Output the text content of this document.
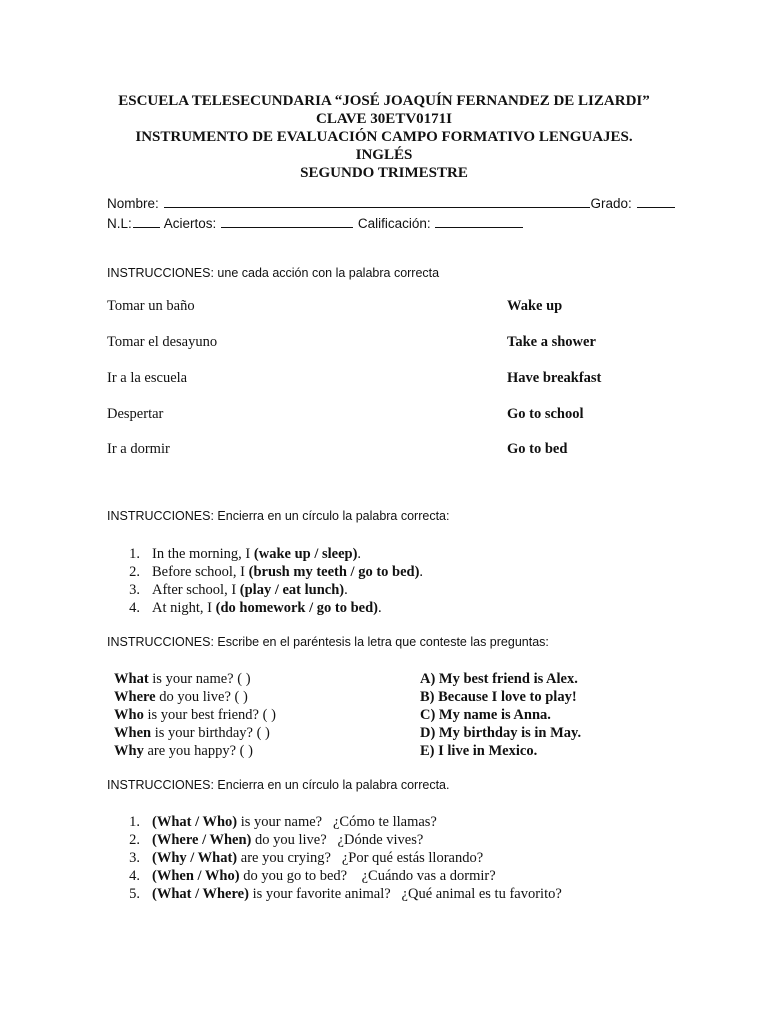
ESCUELA TELESECUNDARIA “JOSÉ JOAQUÍN FERNANDEZ DE LIZARDI”
CLAVE 30ETV0171I
INSTRUMENTO DE EVALUACIÓN CAMPO FORMATIVO LENGUAJES.
INGLÉS
SEGUNDO TRIMESTRE
Nombre:	Grado:
N.L: Aciertos:	Calificación:
INSTRUCCIONES: une cada acción con la palabra correcta
Tomar un baño
Tomar el desayuno
Ir a la escuela
Despertar
Ir a dormir
Wake up
Take a shower
Have breakfast
Go to school
Go to bed
INSTRUCCIONES: Encierra en un círculo la palabra correcta:
1. In the morning, I (wake up / sleep).
2. Before school, I (brush my teeth / go to bed).
3. After school, I (play / eat lunch).
4. At night, I (do homework / go to bed).
INSTRUCCIONES: Escribe en el paréntesis la letra que conteste las preguntas:
What is your name? ( )
Where do you live? ( )
Who is your best friend? ( )
When is your birthday? ( )
Why are you happy? ( )
A) My best friend is Alex.
B) Because I love to play!
C) My name is Anna.
D) My birthday is in May.
E) I live in Mexico.
INSTRUCCIONES: Encierra en un círculo la palabra correcta.
1. (What / Who) is your name?   ¿Cómo te llamas?
2. (Where / When) do you live?   ¿Dónde vives?
3. (Why / What) are you crying?   ¿Por qué estás llorando?
4. (When / Who) do you go to bed?    ¿Cuándo vas a dormir?
5. (What / Where) is your favorite animal?   ¿Qué animal es tu favorito?
